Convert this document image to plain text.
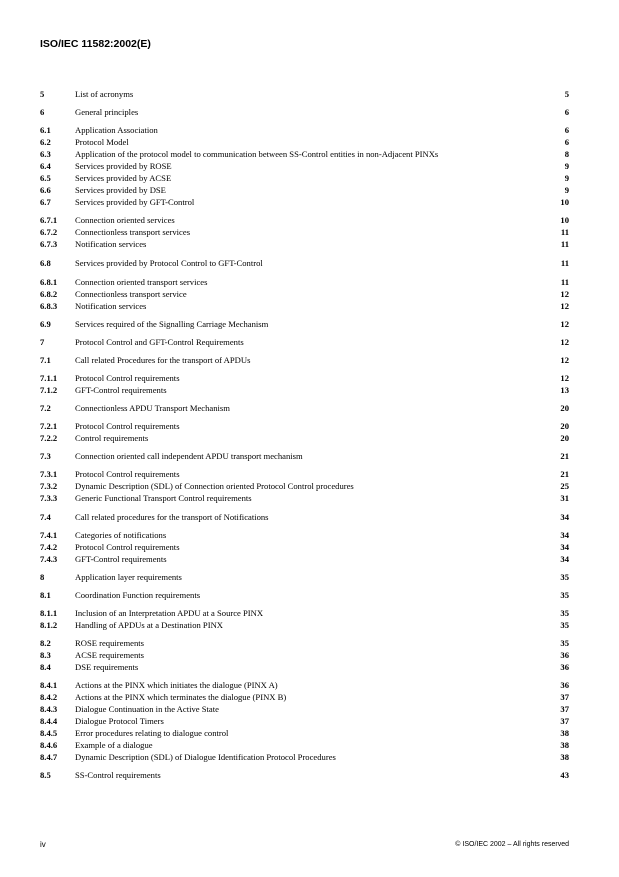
ISO/IEC 11582:2002(E)
5	List of acronyms	5
6	General principles	6
6.1	Application Association	6
6.2	Protocol Model	6
6.3	Application of the protocol model to communication between SS-Control entities in non-Adjacent PINXs	8
6.4	Services provided by ROSE	9
6.5	Services provided by ACSE	9
6.6	Services provided by DSE	9
6.7	Services provided by GFT-Control	10
6.7.1 Connection oriented services	10
6.7.2 Connectionless transport services	11
6.7.3 Notification services	11
6.8	Services provided by Protocol Control to GFT-Control	11
6.8.1 Connection oriented transport services	11
6.8.2 Connectionless transport service	12
6.8.3 Notification services	12
6.9	Services required of the Signalling Carriage Mechanism	12
7	Protocol Control and GFT-Control Requirements	12
7.1	Call related Procedures for the transport of APDUs	12
7.1.1 Protocol Control requirements	12
7.1.2 GFT-Control requirements	13
7.2	Connectionless APDU Transport Mechanism	20
7.2.1 Protocol Control requirements	20
7.2.2 Control requirements	20
7.3	Connection oriented call independent APDU transport mechanism	21
7.3.1 Protocol Control requirements	21
7.3.2 Dynamic Description (SDL) of Connection oriented Protocol Control procedures	25
7.3.3 Generic Functional Transport Control requirements	31
7.4	Call related procedures for the transport of Notifications	34
7.4.1 Categories of notifications	34
7.4.2 Protocol Control requirements	34
7.4.3 GFT-Control requirements	34
8	Application layer requirements	35
8.1	Coordination Function requirements	35
8.1.1 Inclusion of an Interpretation APDU at a Source PINX	35
8.1.2 Handling of APDUs at a Destination PINX	35
8.2	ROSE requirements	35
8.3	ACSE requirements	36
8.4	DSE requirements	36
8.4.1 Actions at the PINX which initiates the dialogue (PINX A)	36
8.4.2 Actions at the PINX which terminates the dialogue (PINX B)	37
8.4.3 Dialogue Continuation in the Active State	37
8.4.4 Dialogue Protocol Timers	37
8.4.5 Error procedures relating to dialogue control	38
8.4.6 Example of a dialogue	38
8.4.7 Dynamic Description (SDL) of Dialogue Identification Protocol Procedures	38
8.5	SS-Control requirements	43
iv	© ISO/IEC 2002 – All rights reserved
